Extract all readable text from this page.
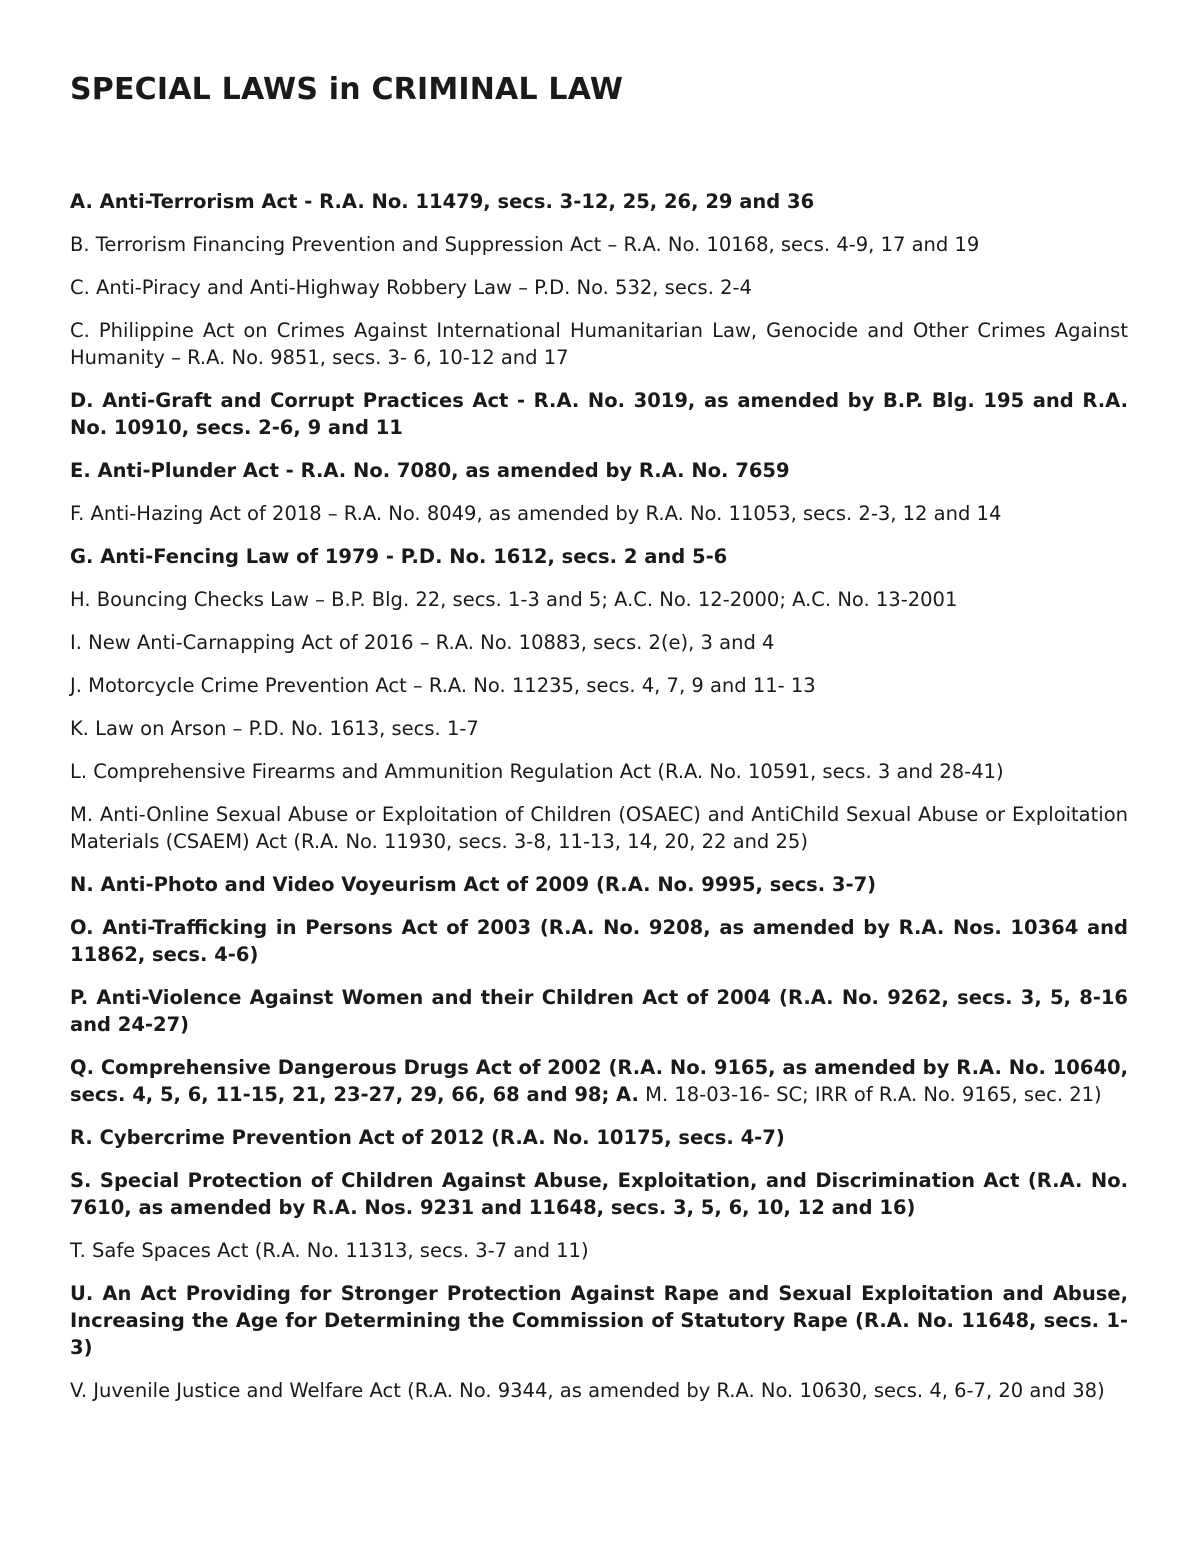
SPECIAL LAWS in CRIMINAL LAW

A. Anti-Terrorism Act - R.A. No. 11479, secs. 3-12, 25, 26, 29 and 36

B. Terrorism Financing Prevention and Suppression Act – R.A. No. 10168, secs. 4-9, 17 and 19

C. Anti-Piracy and Anti-Highway Robbery Law – P.D. No. 532, secs. 2-4

C. Philippine Act on Crimes Against International Humanitarian Law, Genocide and Other Crimes Against Humanity – R.A. No. 9851, secs. 3- 6, 10-12 and 17

D. Anti-Graft and Corrupt Practices Act - R.A. No. 3019, as amended by B.P. Blg. 195 and R.A. No. 10910, secs. 2-6, 9 and 11

E. Anti-Plunder Act - R.A. No. 7080, as amended by R.A. No. 7659

F. Anti-Hazing Act of 2018 – R.A. No. 8049, as amended by R.A. No. 11053, secs. 2-3, 12 and 14

G. Anti-Fencing Law of 1979 - P.D. No. 1612, secs. 2 and 5-6

H. Bouncing Checks Law – B.P. Blg. 22, secs. 1-3 and 5; A.C. No. 12-2000; A.C. No. 13-2001

I. New Anti-Carnapping Act of 2016 – R.A. No. 10883, secs. 2(e), 3 and 4

J. Motorcycle Crime Prevention Act – R.A. No. 11235, secs. 4, 7, 9 and 11- 13

K. Law on Arson – P.D. No. 1613, secs. 1-7

L. Comprehensive Firearms and Ammunition Regulation Act (R.A. No. 10591, secs. 3 and 28-41)

M. Anti-Online Sexual Abuse or Exploitation of Children (OSAEC) and AntiChild Sexual Abuse or Exploitation Materials (CSAEM) Act (R.A. No. 11930, secs. 3-8, 11-13, 14, 20, 22 and 25)

N. Anti-Photo and Video Voyeurism Act of 2009 (R.A. No. 9995, secs. 3-7)

O. Anti-Trafficking in Persons Act of 2003 (R.A. No. 9208, as amended by R.A. Nos. 10364 and 11862, secs. 4-6)

P. Anti-Violence Against Women and their Children Act of 2004 (R.A. No. 9262, secs. 3, 5, 8-16 and 24-27)

Q. Comprehensive Dangerous Drugs Act of 2002 (R.A. No. 9165, as amended by R.A. No. 10640, secs. 4, 5, 6, 11-15, 21, 23-27, 29, 66, 68 and 98; A. M. 18-03-16- SC; IRR of R.A. No. 9165, sec. 21)

R. Cybercrime Prevention Act of 2012 (R.A. No. 10175, secs. 4-7)

S. Special Protection of Children Against Abuse, Exploitation, and Discrimination Act (R.A. No. 7610, as amended by R.A. Nos. 9231 and 11648, secs. 3, 5, 6, 10, 12 and 16)

T. Safe Spaces Act (R.A. No. 11313, secs. 3-7 and 11)

U. An Act Providing for Stronger Protection Against Rape and Sexual Exploitation and Abuse, Increasing the Age for Determining the Commission of Statutory Rape (R.A. No. 11648, secs. 1-3)

V. Juvenile Justice and Welfare Act (R.A. No. 9344, as amended by R.A. No. 10630, secs. 4, 6-7, 20 and 38)
